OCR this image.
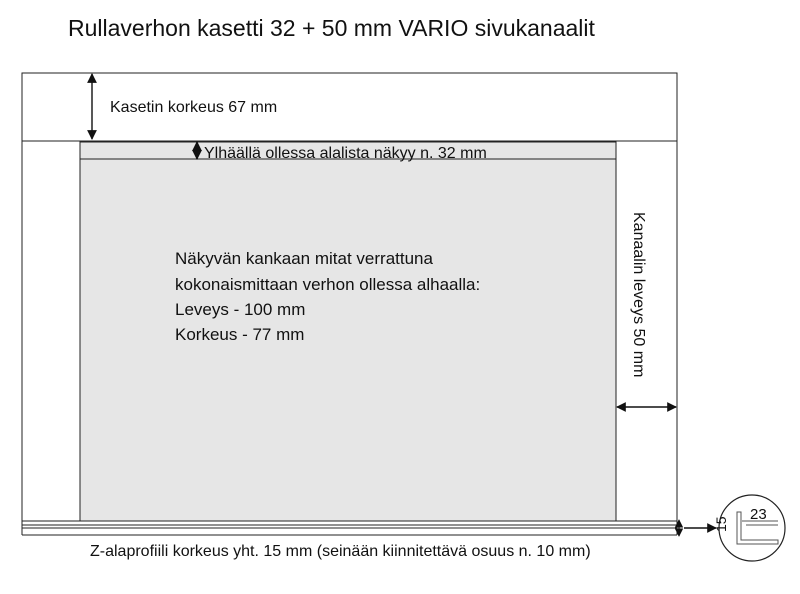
Rullaverhon kasetti 32 + 50 mm VARIO sivukanaalit
Kasetin korkeus 67 mm
Ylhäällä ollessa alalista näkyy n. 32 mm
Näkyvän kankaan mitat verrattuna
kokonaismittaan verhon ollessa alhaalla:
Leveys - 100 mm
Korkeus - 77 mm	Kanaalin leveys 50 mm
23
15
Z-alaprofiili korkeus yht. 15 mm (seinään kiinnitettävä osuus n. 10 mm)
